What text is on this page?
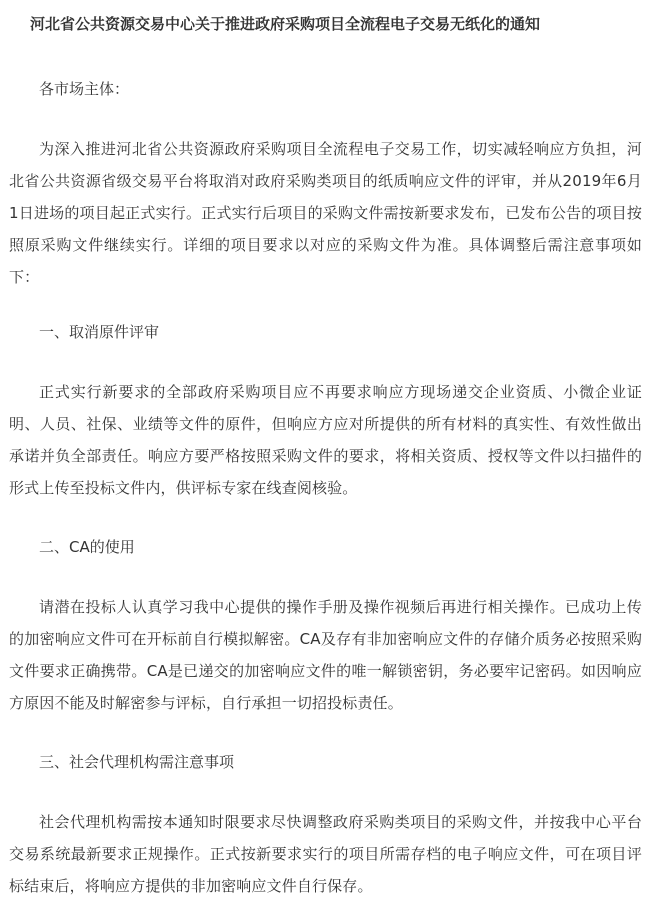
河北省公共资源交易中心关于推进政府采购项目全流程电子交易无纸化的通知

各市场主体：

为深入推进河北省公共资源政府采购项目全流程电子交易工作，切实减轻响应方负担，河北省公共资源省级交易平台将取消对政府采购类项目的纸质响应文件的评审，并从2019年6月1日进场的项目起正式实行。正式实行后项目的采购文件需按新要求发布，已发布公告的项目按照原采购文件继续实行。详细的项目要求以对应的采购文件为准。具体调整后需注意事项如下：

一、取消原件评审

正式实行新要求的全部政府采购项目应不再要求响应方现场递交企业资质、小微企业证明、人员、社保、业绩等文件的原件，但响应方应对所提供的所有材料的真实性、有效性做出承诺并负全部责任。响应方要严格按照采购文件的要求，将相关资质、授权等文件以扫描件的形式上传至投标文件内，供评标专家在线查阅核验。

二、CA的使用

请潜在投标人认真学习我中心提供的操作手册及操作视频后再进行相关操作。已成功上传的加密响应文件可在开标前自行模拟解密。CA及存有非加密响应文件的存储介质务必按照采购文件要求正确携带。CA是已递交的加密响应文件的唯一解锁密钥，务必要牢记密码。如因响应方原因不能及时解密参与评标，自行承担一切招投标责任。

三、社会代理机构需注意事项

社会代理机构需按本通知时限要求尽快调整政府采购类项目的采购文件，并按我中心平台交易系统最新要求正规操作。正式按新要求实行的项目所需存档的电子响应文件，可在项目评标结束后，将响应方提供的非加密响应文件自行保存。
